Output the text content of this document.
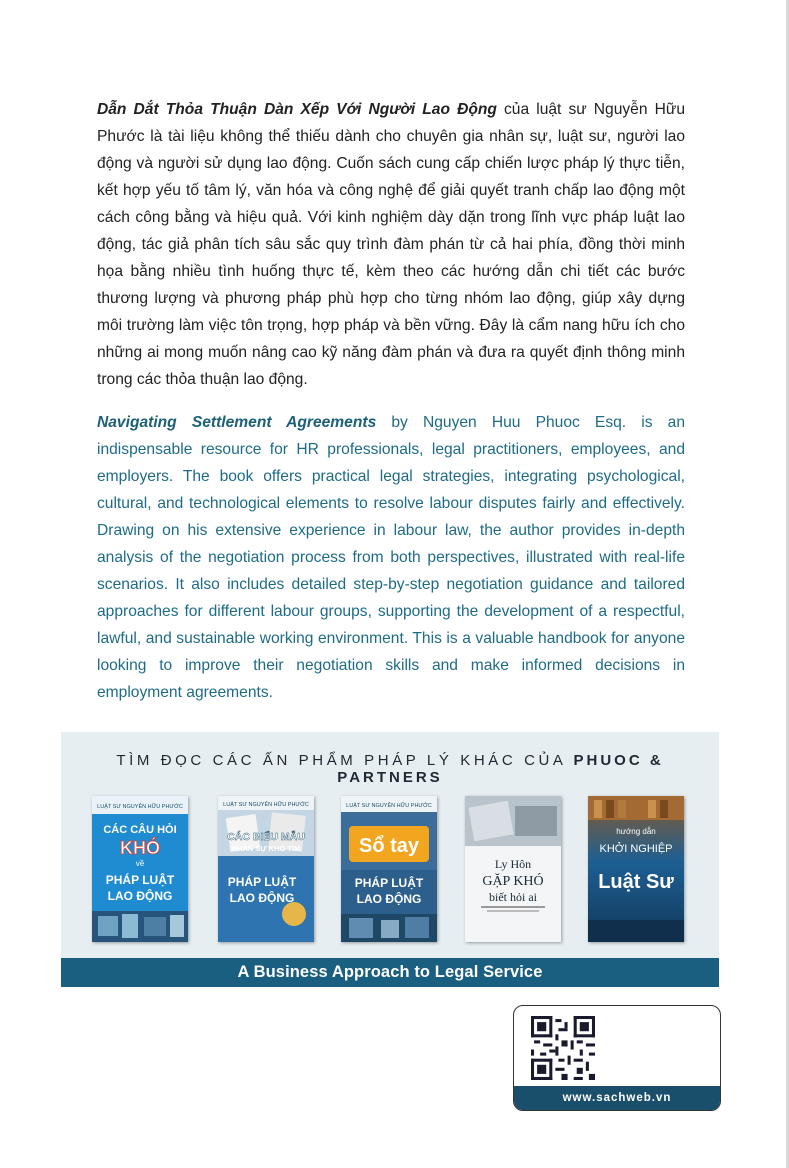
Dẫn Dắt Thỏa Thuận Dàn Xếp Với Người Lao Động của luật sư Nguyễn Hữu Phước là tài liệu không thể thiếu dành cho chuyên gia nhân sự, luật sư, người lao động và người sử dụng lao động. Cuốn sách cung cấp chiến lược pháp lý thực tiễn, kết hợp yếu tố tâm lý, văn hóa và công nghệ để giải quyết tranh chấp lao động một cách công bằng và hiệu quả. Với kinh nghiệm dày dặn trong lĩnh vực pháp luật lao động, tác giả phân tích sâu sắc quy trình đàm phán từ cả hai phía, đồng thời minh họa bằng nhiều tình huống thực tế, kèm theo các hướng dẫn chi tiết các bước thương lượng và phương pháp phù hợp cho từng nhóm lao động, giúp xây dựng môi trường làm việc tôn trọng, hợp pháp và bền vững. Đây là cẩm nang hữu ích cho những ai mong muốn nâng cao kỹ năng đàm phán và đưa ra quyết định thông minh trong các thỏa thuận lao động.

Navigating Settlement Agreements by Nguyen Huu Phuoc Esq. is an indispensable resource for HR professionals, legal practitioners, employees, and employers. The book offers practical legal strategies, integrating psychological, cultural, and technological elements to resolve labour disputes fairly and effectively. Drawing on his extensive experience in labour law, the author provides in-depth analysis of the negotiation process from both perspectives, illustrated with real-life scenarios. It also includes detailed step-by-step negotiation guidance and tailored approaches for different labour groups, supporting the development of a respectful, lawful, and sustainable working environment. This is a valuable handbook for anyone looking to improve their negotiation skills and make informed decisions in employment agreements.

TÌM ĐỌC CÁC ẤN PHẨM PHÁP LÝ KHÁC CỦA PHUOC & PARTNERS
LUẬT SƯ NGUYỄN HỮU PHƯỚC
CÁC CÂU HỎI
KHÓ
về
PHÁP LUẬT
LAO ĐỘNG
LUẬT SƯ NGUYỄN HỮU PHƯỚC
CÁC BIỂU MẪU
NHÂN SỰ KHÓ TÌM
PHÁP LUẬT
LAO ĐỘNG
LUẬT SƯ NGUYỄN HỮU PHƯỚC
Sổ tay
PHÁP LUẬT
LAO ĐỘNG
Ly Hôn
GẶP KHÓ
biết hỏi ai
hướng dẫn
KHỞI NGHIỆP
Luật Sư
A Business Approach to Legal Service
www.sachweb.vn
